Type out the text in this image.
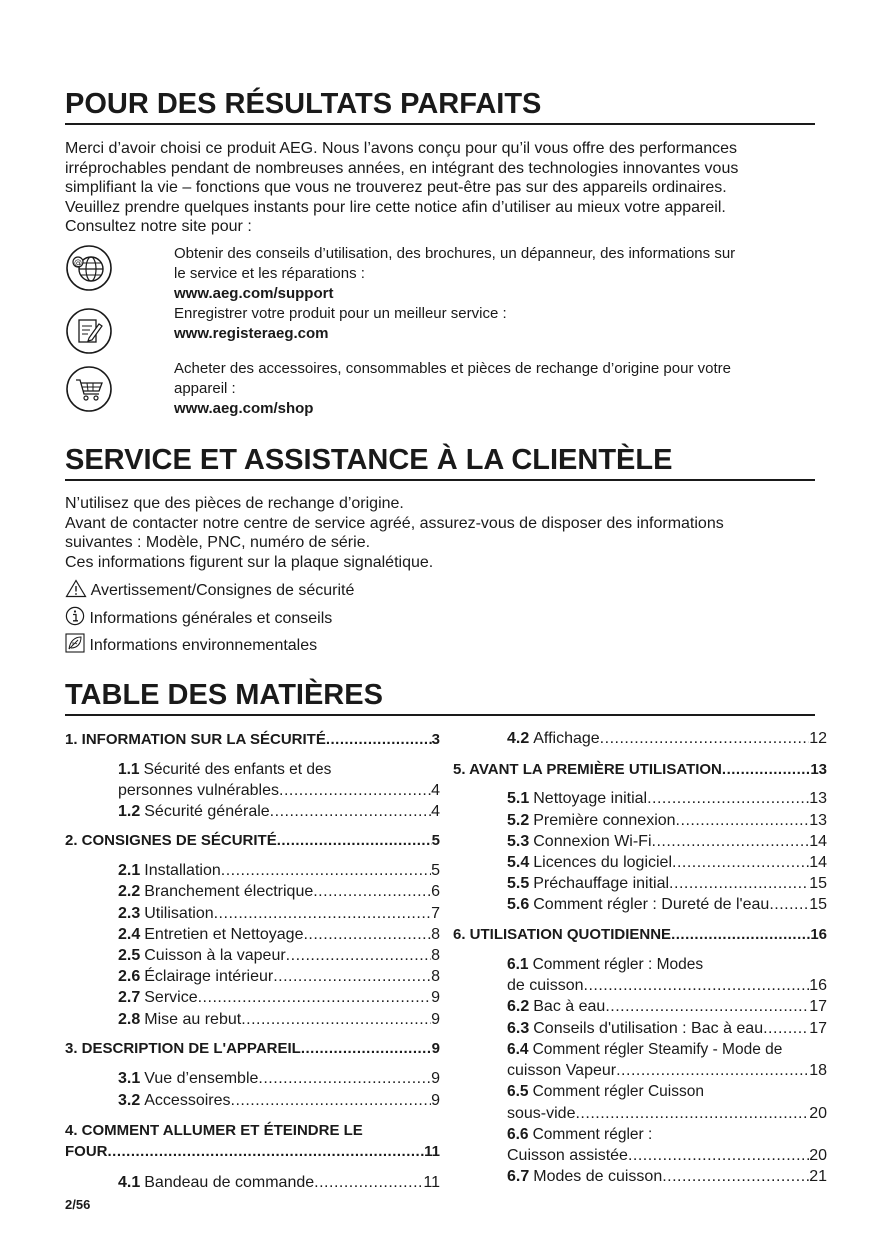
POUR DES RÉSULTATS PARFAITS
Merci d’avoir choisi ce produit AEG. Nous l’avons conçu pour qu’il vous offre des performances
irréprochables pendant de nombreuses années, en intégrant des technologies innovantes vous
simplifiant la vie – fonctions que vous ne trouverez peut-être pas sur des appareils ordinaires.
Veuillez prendre quelques instants pour lire cette notice afin d’utiliser au mieux votre appareil.
Consultez notre site pour :
@
Obtenir des conseils d’utilisation, des brochures, un dépanneur, des informations sur
le service et les réparations :
www.aeg.com/support
Enregistrer votre produit pour un meilleur service :
www.registeraeg.com
Acheter des accessoires, consommables et pièces de rechange d’origine pour votre
appareil :
www.aeg.com/shop
SERVICE ET ASSISTANCE À LA CLIENTÈLE
N’utilisez que des pièces de rechange d’origine.
Avant de contacter notre centre de service agréé, assurez-vous de disposer des informations
suivantes : Modèle, PNC, numéro de série.
Ces informations figurent sur la plaque signalétique.
Avertissement/Consignes de sécurité
Informations générales et conseils
Informations environnementales
TABLE DES MATIÈRES
1. INFORMATION SUR LA SÉCURITÉ .....	3
1.1 Sécurité des enfants et des
personnes vulnérables .....	4
1.2 Sécurité générale .....	4
2. CONSIGNES DE SÉCURITÉ .....	5
2.1 Installation .....	5
2.2 Branchement électrique .....	6
2.3 Utilisation .....	7
2.4 Entretien et Nettoyage .....	8
2.5 Cuisson à la vapeur .....	8
2.6 Éclairage intérieur .....	8
2.7 Service .....	9
2.8 Mise au rebut .....	9
3. DESCRIPTION DE L'APPAREIL .....	9
3.1 Vue d’ensemble .....	9
3.2 Accessoires .....	9
4. COMMENT ALLUMER ET ÉTEINDRE LE
FOUR .....	11
4.1 Bandeau de commande .....	11
4.2 Affichage .....	12
5. AVANT LA PREMIÈRE UTILISATION .....	13
5.1 Nettoyage initial .....	13
5.2 Première connexion .....	13
5.3 Connexion Wi-Fi .....	14
5.4 Licences du logiciel .....	14
5.5 Préchauffage initial .....	15
5.6 Comment régler : Dureté de l'eau ..... 15
6. UTILISATION QUOTIDIENNE .....	16
6.1 Comment régler : Modes
de cuisson .....	16
6.2 Bac à eau .....	17
6.3 Conseils d'utilisation : Bac à eau .....	17
6.4 Comment régler Steamify - Mode de
cuisson Vapeur .....	18
6.5 Comment régler Cuisson
sous-vide .....	20
6.6 Comment régler :
Cuisson assistée .....	20
6.7 Modes de cuisson .....	21
2/56
